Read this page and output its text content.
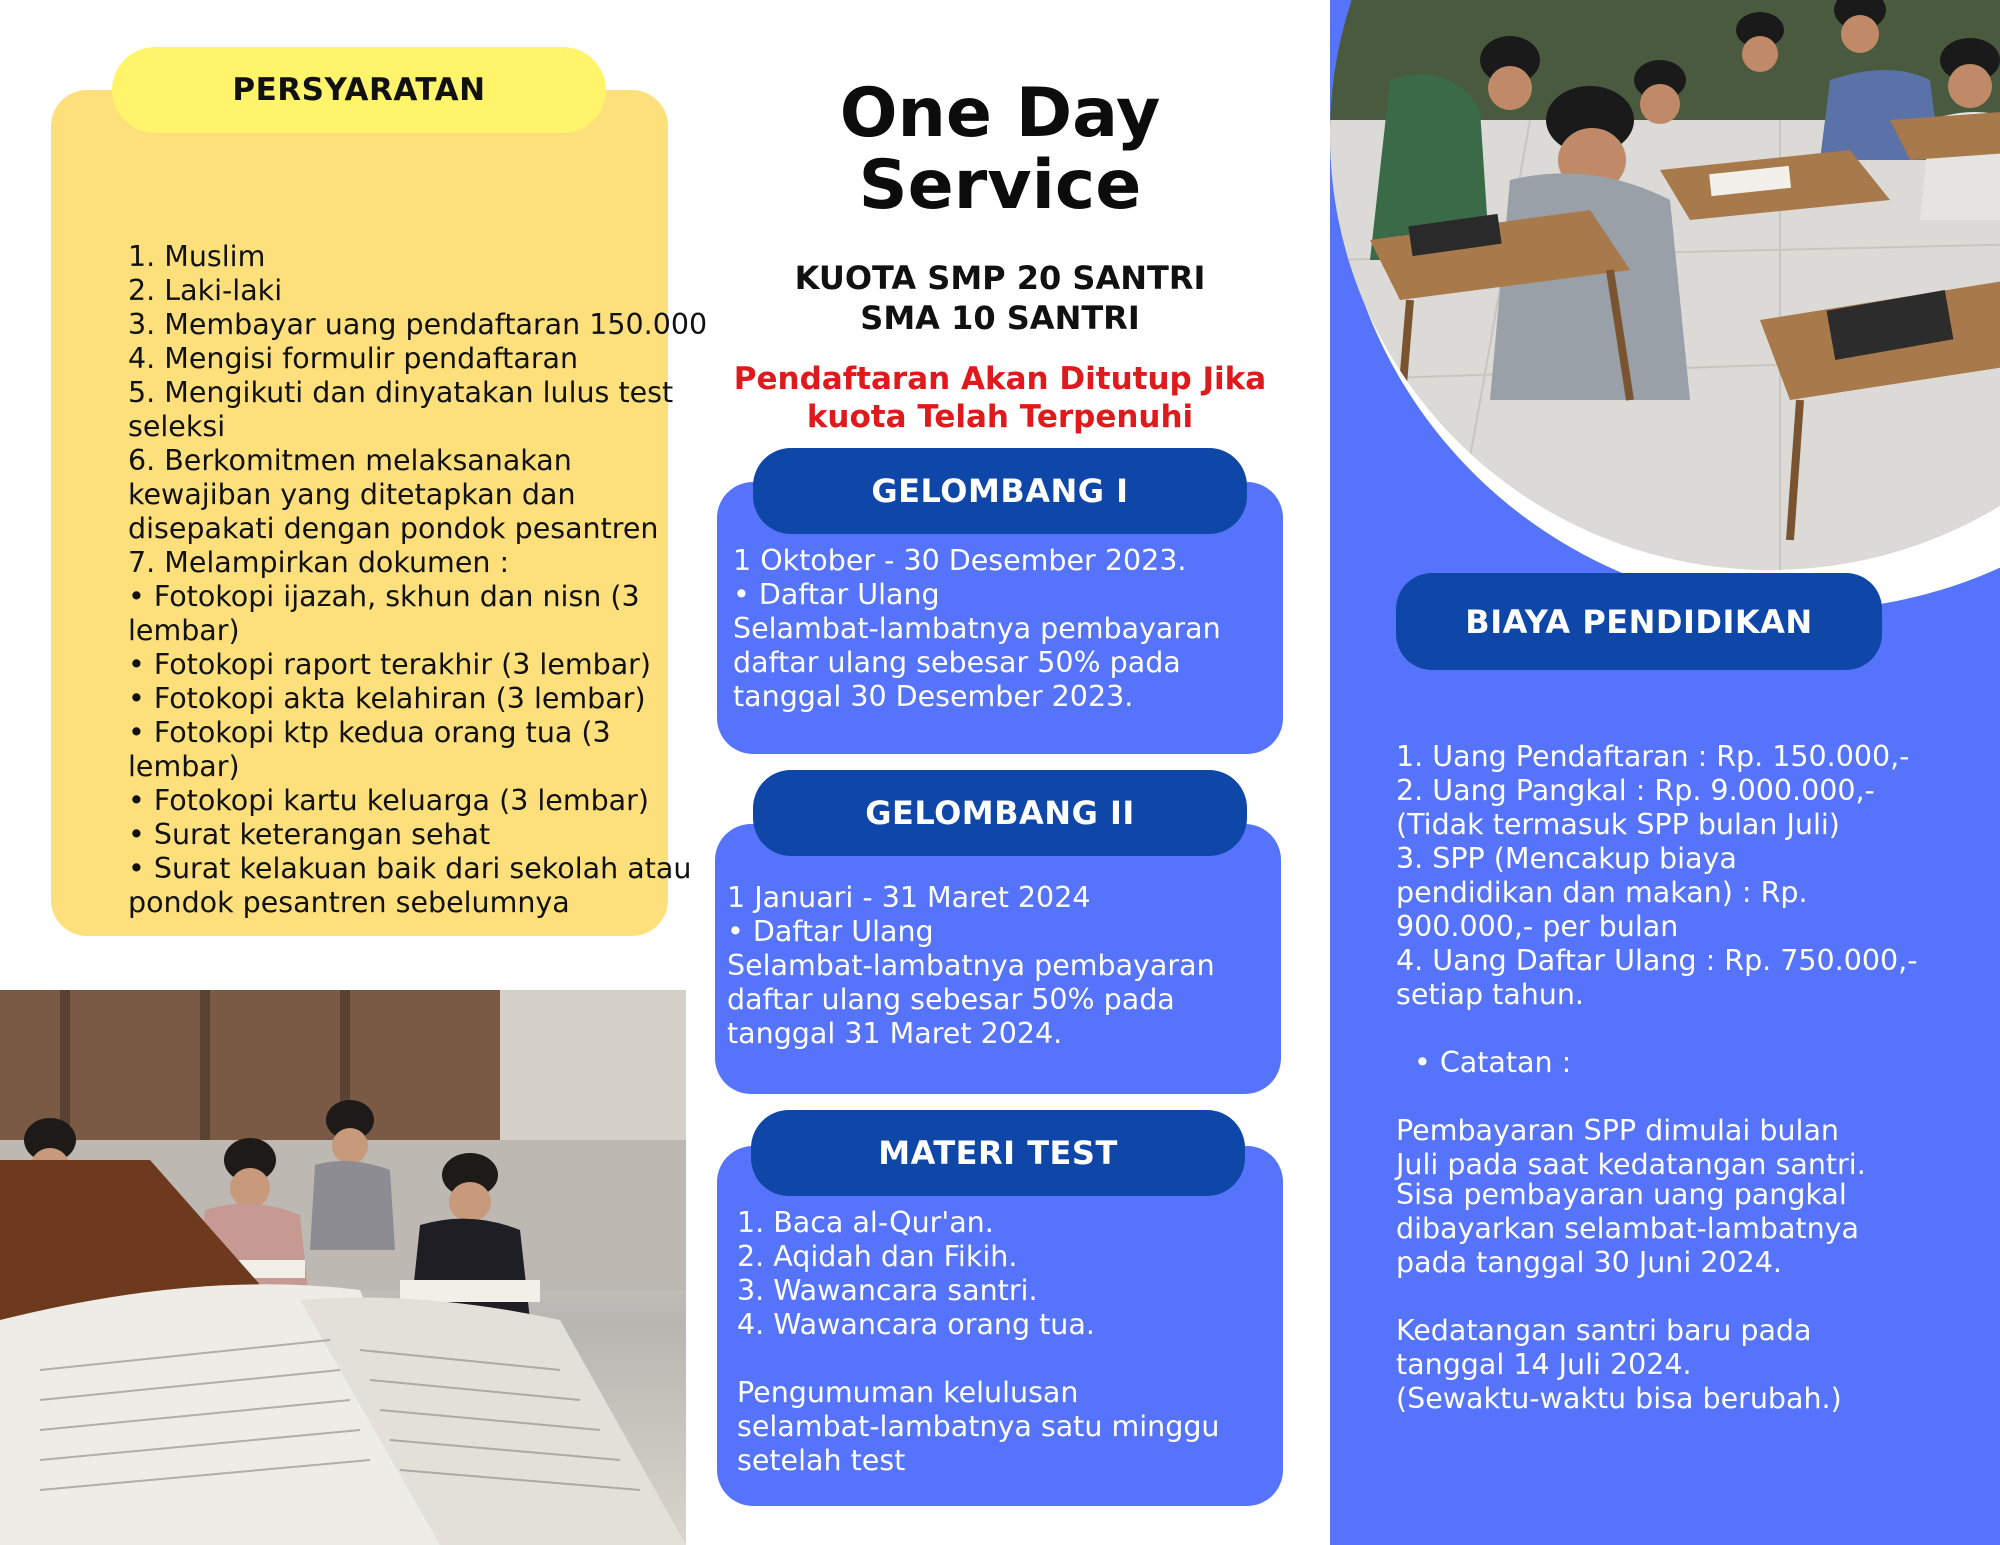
1. Muslim
2. Laki-laki
3. Membayar uang pendaftaran 150.000
4. Mengisi formulir pendaftaran
5. Mengikuti dan dinyatakan lulus test seleksi
6. Berkomitmen melaksanakan kewajiban yang ditetapkan dan disepakati dengan pondok pesantren
7. Melampirkan dokumen :
• Fotokopi ijazah, skhun dan nisn (3 lembar)
• Fotokopi raport terakhir (3 lembar)
• Fotokopi akta kelahiran (3 lembar)
• Fotokopi ktp kedua orang tua (3 lembar)
• Fotokopi kartu keluarga (3 lembar)
• Surat keterangan sehat
• Surat kelakuan baik dari sekolah atau pondok pesantren sebelumnya
PERSYARATAN	One Day
Service
KUOTA SMP 20 SANTRI
SMA 10 SANTRI
Pendaftaran Akan Ditutup Jika
kuota Telah Terpenuhi
GELOMBANG I
1 Oktober - 30 Desember 2023.
• Daftar Ulang
Selambat-lambatnya pembayaran
daftar ulang sebesar 50% pada
tanggal 30 Desember 2023.
GELOMBANG II
1 Januari - 31 Maret 2024
• Daftar Ulang
Selambat-lambatnya pembayaran
daftar ulang sebesar 50% pada
tanggal 31 Maret 2024.
MATERI TEST
1. Baca al-Qur'an.
2. Aqidah dan Fikih.
3. Wawancara santri.
4. Wawancara orang tua.

Pengumuman kelulusan
selambat-lambatnya satu minggu
setelah test
BIAYA PENDIDIKAN

1. Uang Pendaftaran : Rp. 150.000,-
2. Uang Pangkal : Rp. 9.000.000,-
(Tidak termasuk SPP bulan Juli)
3. SPP (Mencakup biaya
pendidikan dan makan) : Rp.
900.000,- per bulan
4. Uang Daftar Ulang : Rp. 750.000,-
setiap tahun.

• Catatan :

Pembayaran SPP dimulai bulan
Juli pada saat kedatangan santri.

Sisa pembayaran uang pangkal
dibayarkan selambat-lambatnya
pada tanggal 30 Juni 2024.

Kedatangan santri baru pada
tanggal 14 Juli 2024.
(Sewaktu-waktu bisa berubah.)
